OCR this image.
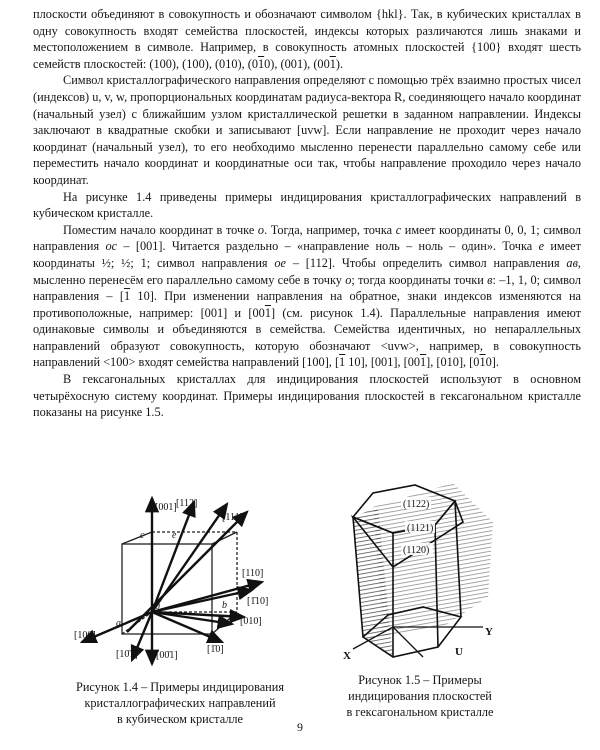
плоскости объединяют в совокупность и обозначают символом {hkl}. Так, в кубических кристаллах в одну совокупность входят семейства плоскостей, индексы которых различаются лишь знаками и местоположением в символе. Например, в совокупность атомных плоскостей {100} входят шесть семейств плоскостей: (100), (100), (010), (010), (001), (001).

Символ кристаллографического направления определяют с помощью трёх взаимно простых чисел (индексов) u, v, w, пропорциональных координатам радиуса-вектора R, соединяющего начало координат (начальный узел) с ближайшим узлом кристаллической решетки в заданном направлении. Индексы заключают в квадратные скобки и записывают [uvw]. Если направление не проходит через начало координат (начальный узел), то его необходимо мысленно перенести параллельно самому себе или переместить начало координат и координатные оси так, чтобы направление проходило через начало координат.

На рисунке 1.4 приведены примеры индицирования кристаллографических направлений в кубическом кристалле.

Поместим начало координат в точке о. Тогда, например, точка с имеет координаты 0, 0, 1; символ направления ос – [001]. Читается раздельно – «направление ноль – ноль – один». Точка е имеет координаты ½; ½; 1; символ направления ое – [112]. Чтобы определить символ направления ав, мысленно перенесём его параллельно самому себе в точку о; тогда координаты точки в: –1, 1, 0; символ направления – [1 10]. При изменении направления на обратное, знаки индексов изменяются на противоположные, например: [001] и [001] (см. рисунок 1.4). Параллельные направления имеют одинаковые символы и объединяются в семейства. Семейства идентичных, но непараллельных направлений образуют совокупность, которую обозначают <uvw>, например, в совокупность направлений <100> входят семейства направлений [100], [1 10], [001], [001], [010], [010].

В гексагональных кристаллах для индицирования плоскостей используют в основном четырёхосную систему координат. Примеры индицирования плоскостей в гексагональном кристалле показаны на рисунке 1.5.

[001] [112]
[111]
[110]
[1̄10]
[010]
[100]
[10̄1] [00̄1]
[1̄0]
c	e
b
a
0
Рисунок 1.4 – Примеры индицирования
кристаллографических направлений
в кубическом кристалле
(1122)
(1121)
(1120)
X
Y
U
Рисунок 1.5 – Примеры
индицирования плоскостей
в гексагональном кристалле
9
